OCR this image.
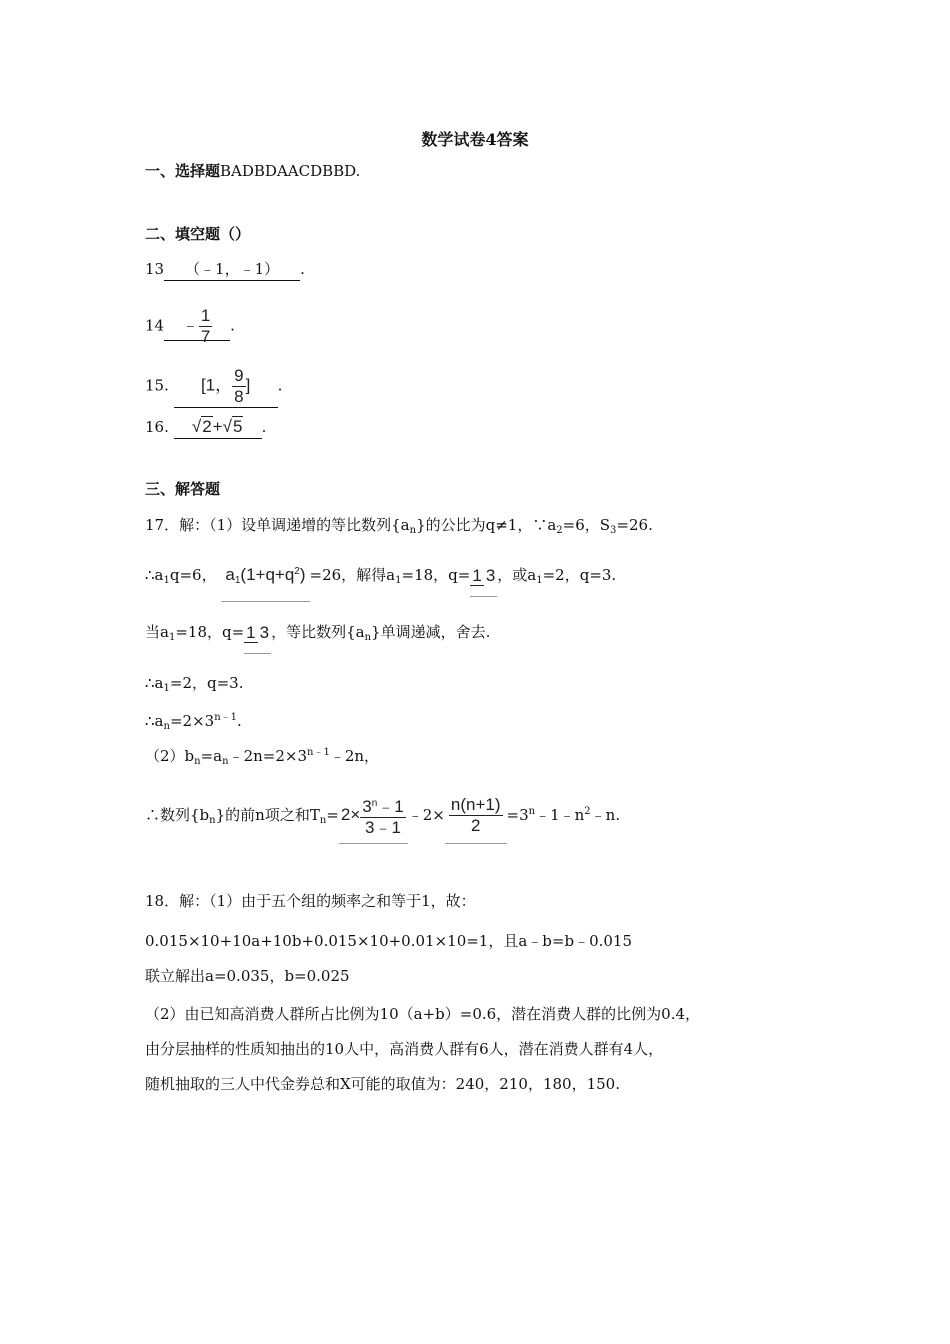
数学试卷4答案
一、选择题BADBDAACDBBD.
二、填空题（）
13 （﹣1，﹣1） .
14 ﹣ $\frac{1}{7}$ .
15. [1， $\frac{9}{8}$ ] .
16. √2+√5 .
三、解答题
17．解：（1）设单调递增的等比数列$\{a_n\}$的公比为q≠1，$\because a_2=6$，$S_3=26$.
$\therefore a_1q=6$， $a_1(1+q+q^2) =26$，解得$a_1=18$，q= 1 3 ，或$a_1=2$，q=3.
当$a_1=18$，q= 1 3 ，等比数列$\{a_n\}$单调递减，舍去.
$\therefore a_1=2$，q=3.
$\therefore a_n=2\times 3^{n﹣1}$.
$(2)b_n=a_n﹣2n=2\times 3^{n﹣1}﹣2n$，
∴数列$\{b_n\}$的前n项之和$T_n= 2\times \frac{3^n﹣1}{3﹣1}$ ﹣2× $\frac{n(n+1)}{2}$ $=3^n﹣1﹣n^2﹣n$.
18．解：（1）由于五个组的频率之和等于1，故：
0.015×10+10a+10b+0.015×10+0.01×10=1，且a﹣b=b﹣0.015
联立解出a=0.035，b=0.025
（2）由已知高消费人群所占比例为10（a+b）=0.6，潜在消费人群的比例为0.4，
由分层抽样的性质知抽出的10人中，高消费人群有6人，潜在消费人群有4人，
随机抽取的三人中代金券总和X可能的取值为：240，210，180，150.
